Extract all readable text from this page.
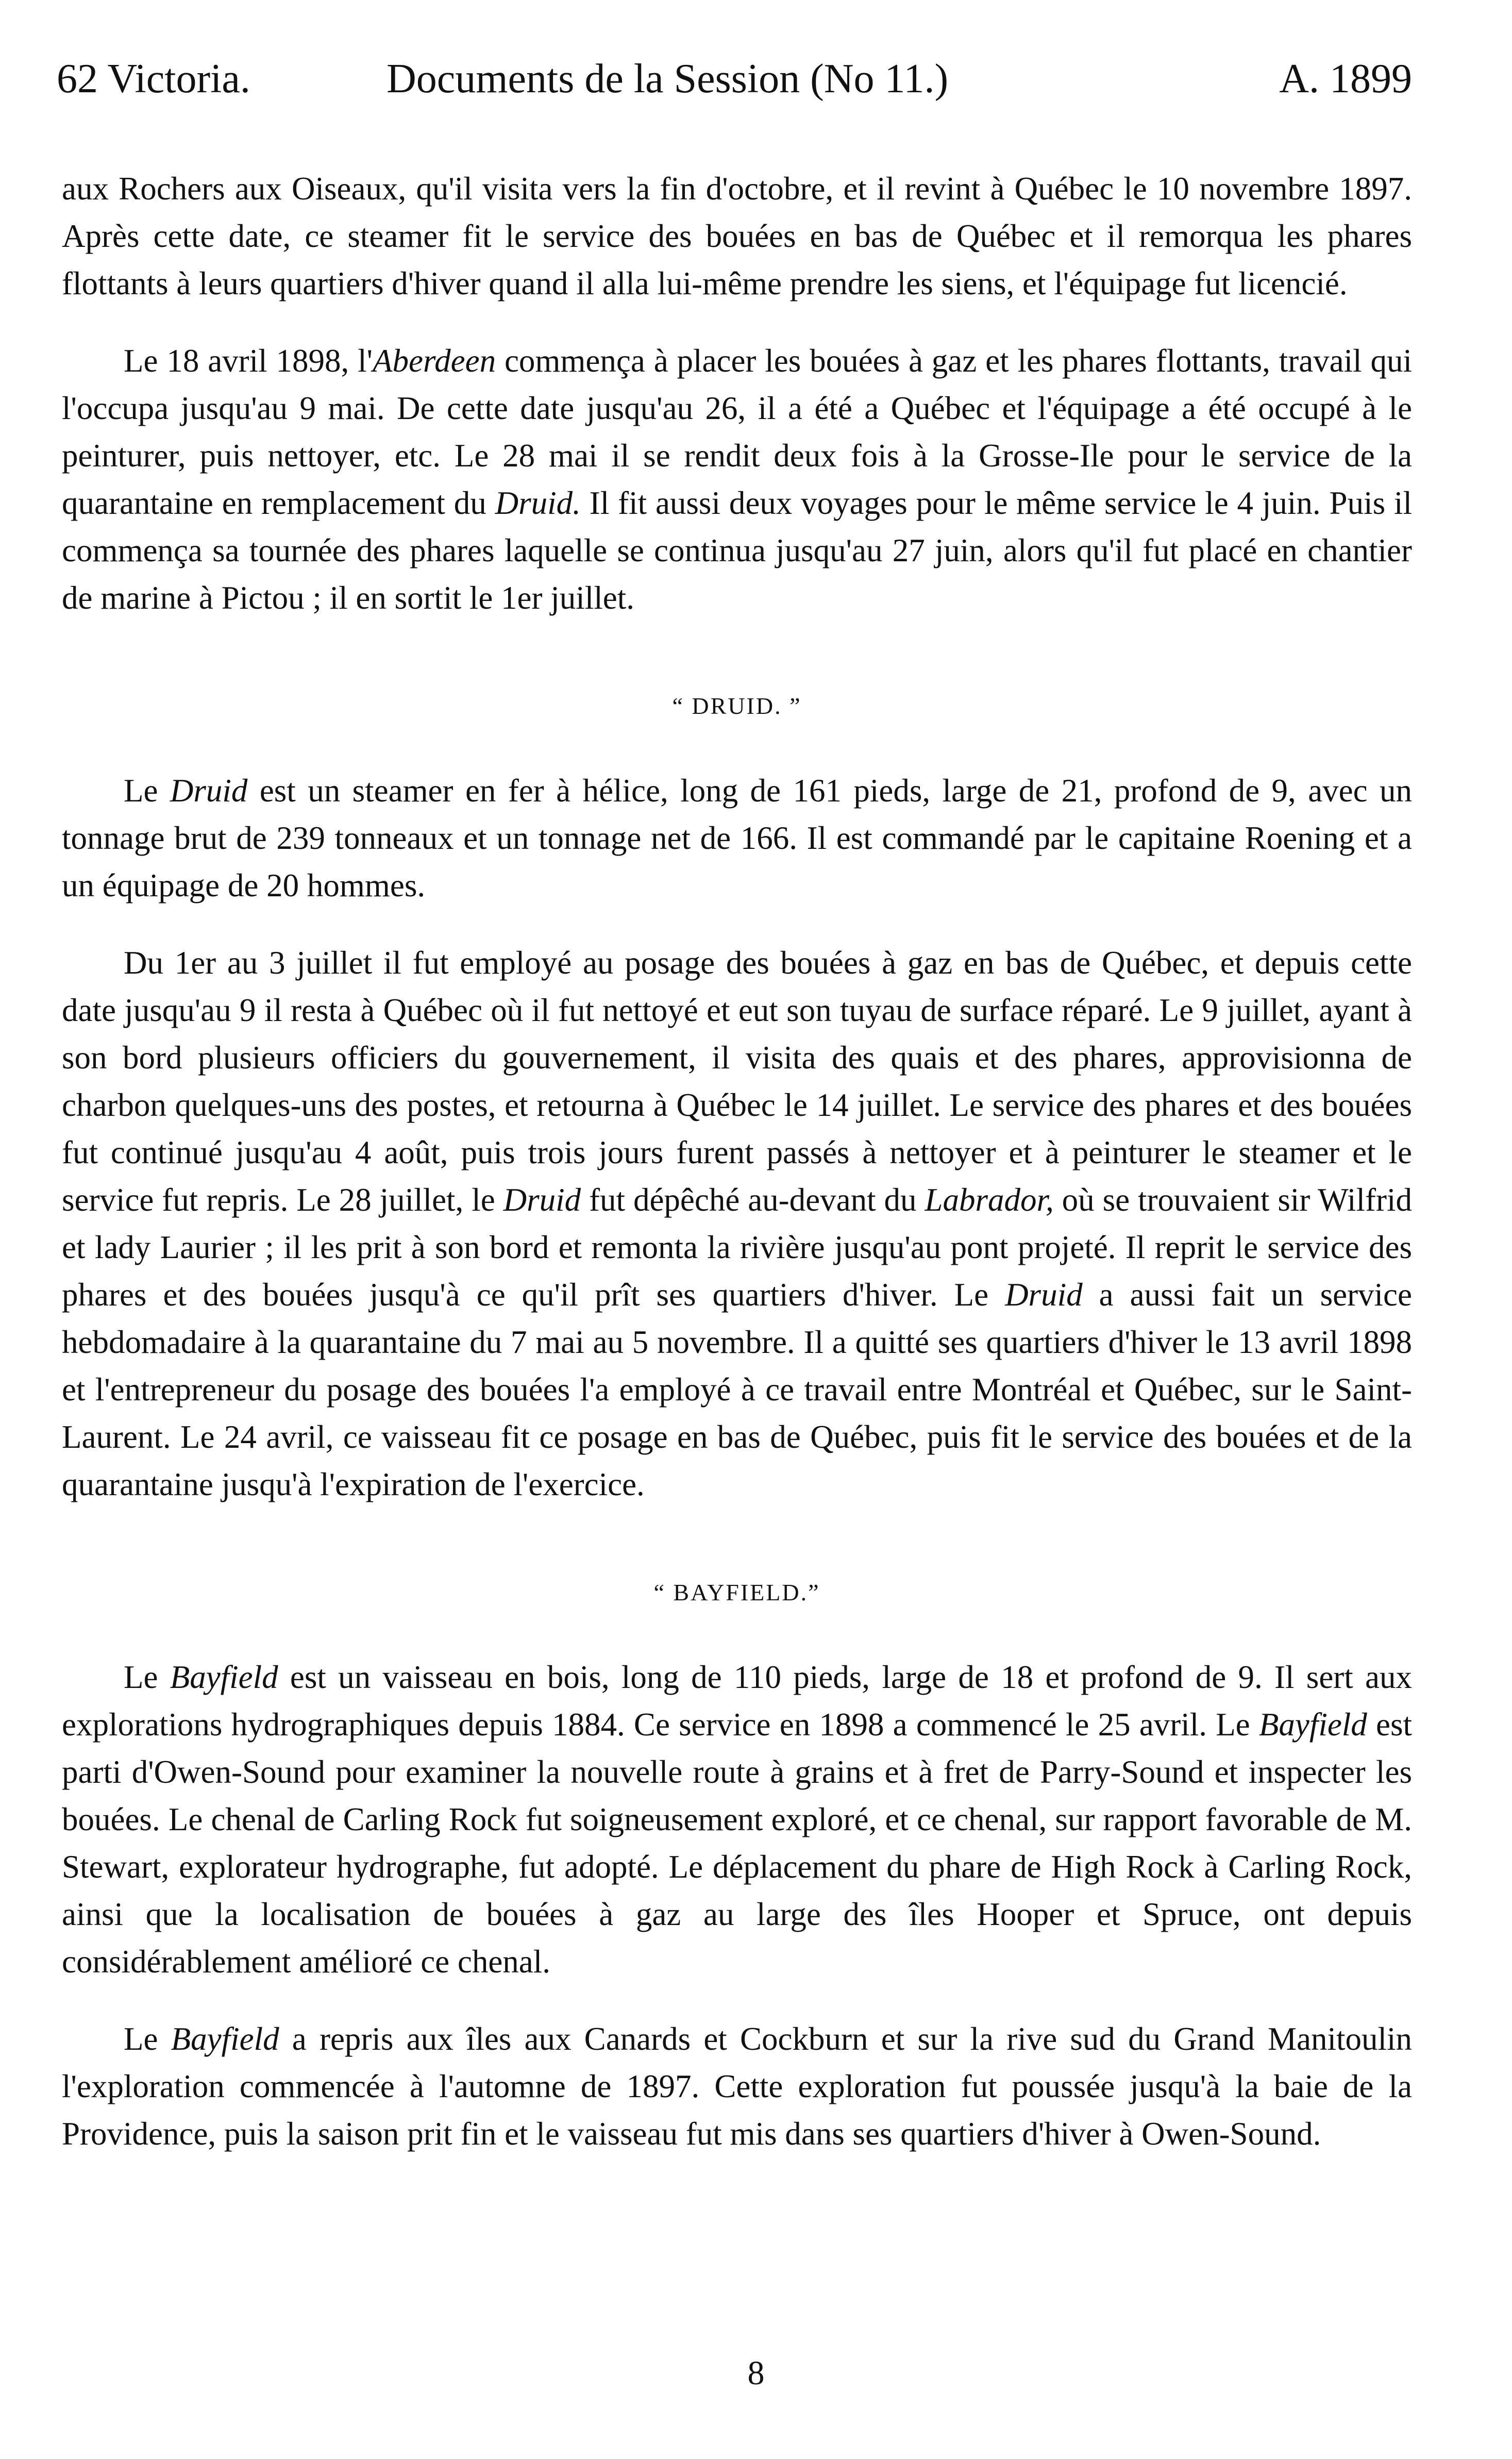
62 Victoria.	Documents de la Session (No 11.)	A. 1899

aux Rochers aux Oiseaux, qu'il visita vers la fin d'octobre, et il revint à Québec le 10 novembre 1897. Après cette date, ce steamer fit le service des bouées en bas de Québec et il remorqua les phares flottants à leurs quartiers d'hiver quand il alla lui-même prendre les siens, et l'équipage fut licencié.

Le 18 avril 1898, l'Aberdeen commença à placer les bouées à gaz et les phares flottants, travail qui l'occupa jusqu'au 9 mai. De cette date jusqu'au 26, il a été a Québec et l'équipage a été occupé à le peinturer, puis nettoyer, etc. Le 28 mai il se rendit deux fois à la Grosse-Ile pour le service de la quarantaine en remplacement du Druid. Il fit aussi deux voyages pour le même service le 4 juin. Puis il commença sa tournée des phares laquelle se continua jusqu'au 27 juin, alors qu'il fut placé en chantier de marine à Pictou ; il en sortit le 1er juillet.

“ DRUID. ”

Le Druid est un steamer en fer à hélice, long de 161 pieds, large de 21, profond de 9, avec un tonnage brut de 239 tonneaux et un tonnage net de 166. Il est commandé par le capitaine Roening et a un équipage de 20 hommes.

Du 1er au 3 juillet il fut employé au posage des bouées à gaz en bas de Québec, et depuis cette date jusqu'au 9 il resta à Québec où il fut nettoyé et eut son tuyau de surface réparé. Le 9 juillet, ayant à son bord plusieurs officiers du gouvernement, il visita des quais et des phares, approvisionna de charbon quelques-uns des postes, et retourna à Québec le 14 juillet. Le service des phares et des bouées fut continué jusqu'au 4 août, puis trois jours furent passés à nettoyer et à peinturer le steamer et le service fut repris. Le 28 juillet, le Druid fut dépêché au-devant du Labrador, où se trouvaient sir Wilfrid et lady Laurier ; il les prit à son bord et remonta la rivière jusqu'au pont projeté. Il reprit le service des phares et des bouées jusqu'à ce qu'il prît ses quartiers d'hiver. Le Druid a aussi fait un service hebdomadaire à la quarantaine du 7 mai au 5 novembre. Il a quitté ses quartiers d'hiver le 13 avril 1898 et l'entrepreneur du posage des bouées l'a employé à ce travail entre Montréal et Québec, sur le Saint-Laurent. Le 24 avril, ce vaisseau fit ce posage en bas de Québec, puis fit le service des bouées et de la quarantaine jusqu'à l'expiration de l'exercice.

“ BAYFIELD.”

Le Bayfield est un vaisseau en bois, long de 110 pieds, large de 18 et profond de 9. Il sert aux explorations hydrographiques depuis 1884. Ce service en 1898 a commencé le 25 avril. Le Bayfield est parti d'Owen-Sound pour examiner la nouvelle route à grains et à fret de Parry-Sound et inspecter les bouées. Le chenal de Carling Rock fut soigneusement exploré, et ce chenal, sur rapport favorable de M. Stewart, explorateur hydrographe, fut adopté. Le déplacement du phare de High Rock à Carling Rock, ainsi que la localisation de bouées à gaz au large des îles Hooper et Spruce, ont depuis considérablement amélioré ce chenal.

Le Bayfield a repris aux îles aux Canards et Cockburn et sur la rive sud du Grand Manitoulin l'exploration commencée à l'automne de 1897. Cette exploration fut poussée jusqu'à la baie de la Providence, puis la saison prit fin et le vaisseau fut mis dans ses quartiers d'hiver à Owen-Sound.

8
